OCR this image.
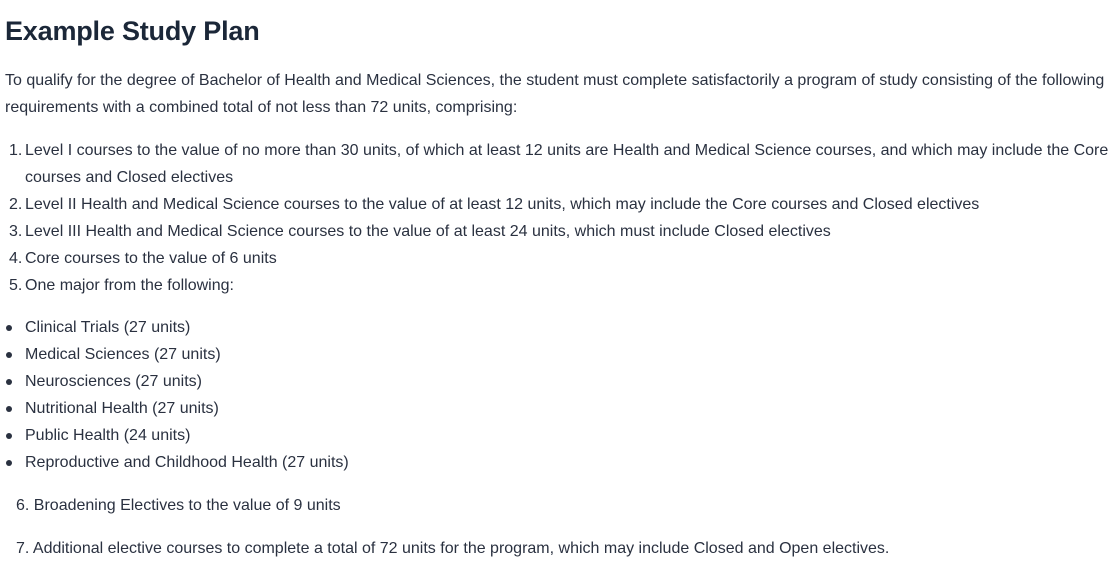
Example Study Plan

To qualify for the degree of Bachelor of Health and Medical Sciences, the student must complete satisfactorily a program of study consisting of the following requirements with a combined total of not less than 72 units, comprising:

1. Level I courses to the value of no more than 30 units, of which at least 12 units are Health and Medical Science courses, and which may include the Core courses and Closed electives
2. Level II Health and Medical Science courses to the value of at least 12 units, which may include the Core courses and Closed electives
3. Level III Health and Medical Science courses to the value of at least 24 units, which must include Closed electives
4. Core courses to the value of 6 units
5. One major from the following:
Clinical Trials (27 units)
Medical Sciences (27 units)
Neurosciences (27 units)
Nutritional Health (27 units)
Public Health (24 units)
Reproductive and Childhood Health (27 units)

6. Broadening Electives to the value of 9 units

7. Additional elective courses to complete a total of 72 units for the program, which may include Closed and Open electives.
